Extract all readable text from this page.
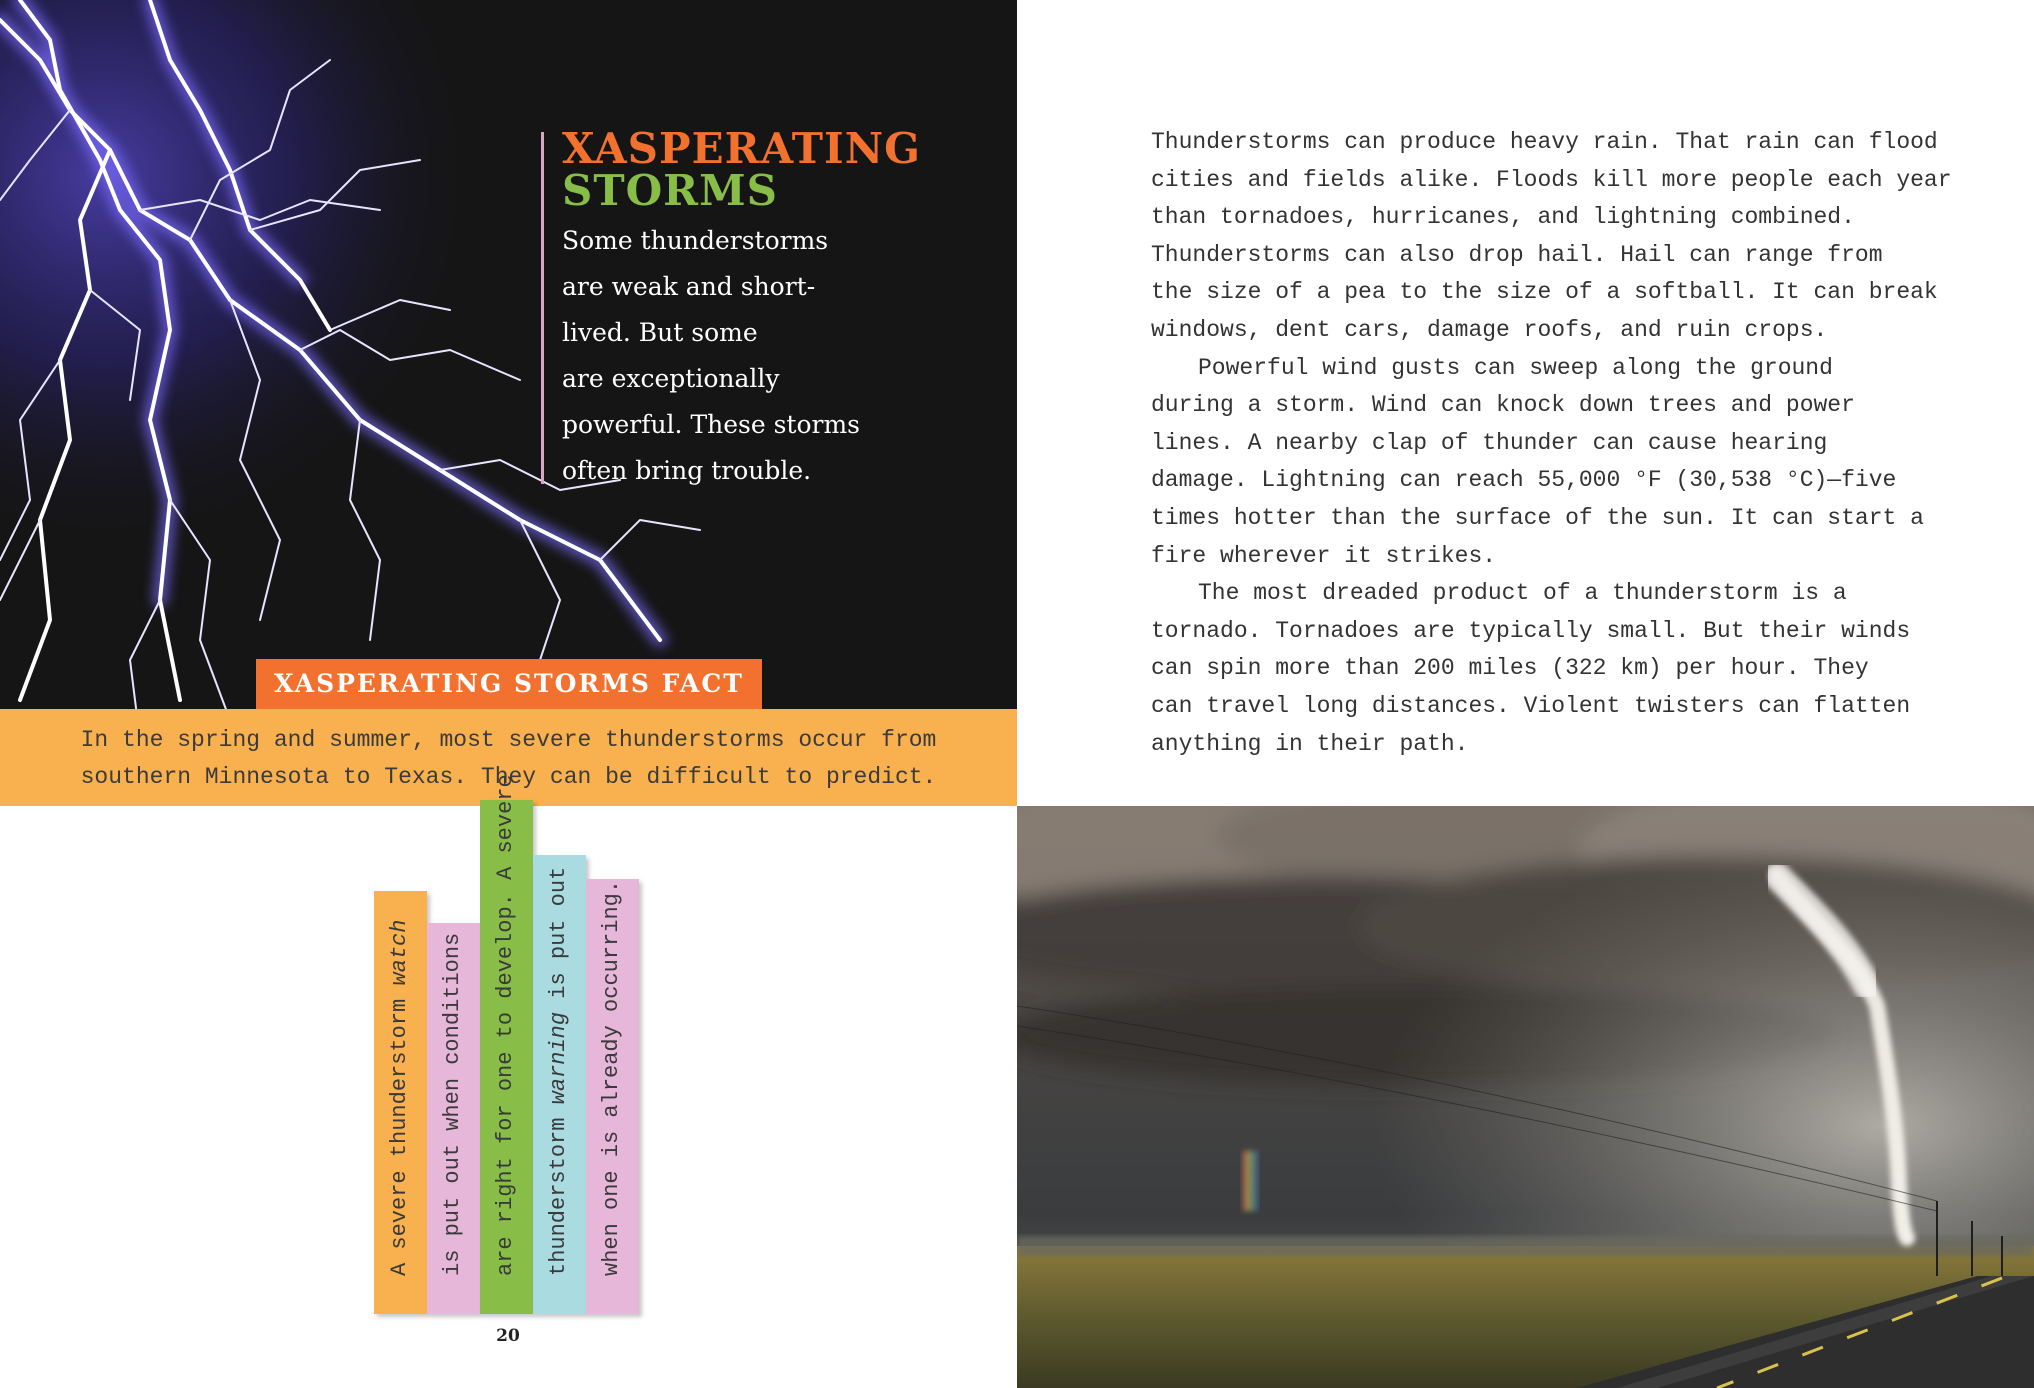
XASPERATING
STORMS
Some thunderstorms
are weak and short-
lived. But some
are exceptionally
powerful. These storms
often bring trouble.
XASPERATING STORMS FACT
In the spring and summer, most severe thunderstorms occur from
southern Minnesota to Texas. They can be difficult to predict.
Thunderstorms can produce heavy rain. That rain can flood
cities and fields alike. Floods kill more people each year
than tornadoes, hurricanes, and lightning combined.
Thunderstorms can also drop hail. Hail can range from
the size of a pea to the size of a softball. It can break
windows, dent cars, damage roofs, and ruin crops.
Powerful wind gusts can sweep along the ground
during a storm. Wind can knock down trees and power
lines. A nearby clap of thunder can cause hearing
damage. Lightning can reach 55,000 °F (30,538 °C)—five
times hotter than the surface of the sun. It can start a
fire wherever it strikes.
The most dreaded product of a thunderstorm is a
tornado. Tornadoes are typically small. But their winds
can spin more than 200 miles (322 km) per hour. They
can travel long distances. Violent twisters can flatten
anything in their path.
A severe thunderstorm watch is put out when conditions are right for one to develop. A severe thunderstorm warning is put out when one is already occurring.
20
